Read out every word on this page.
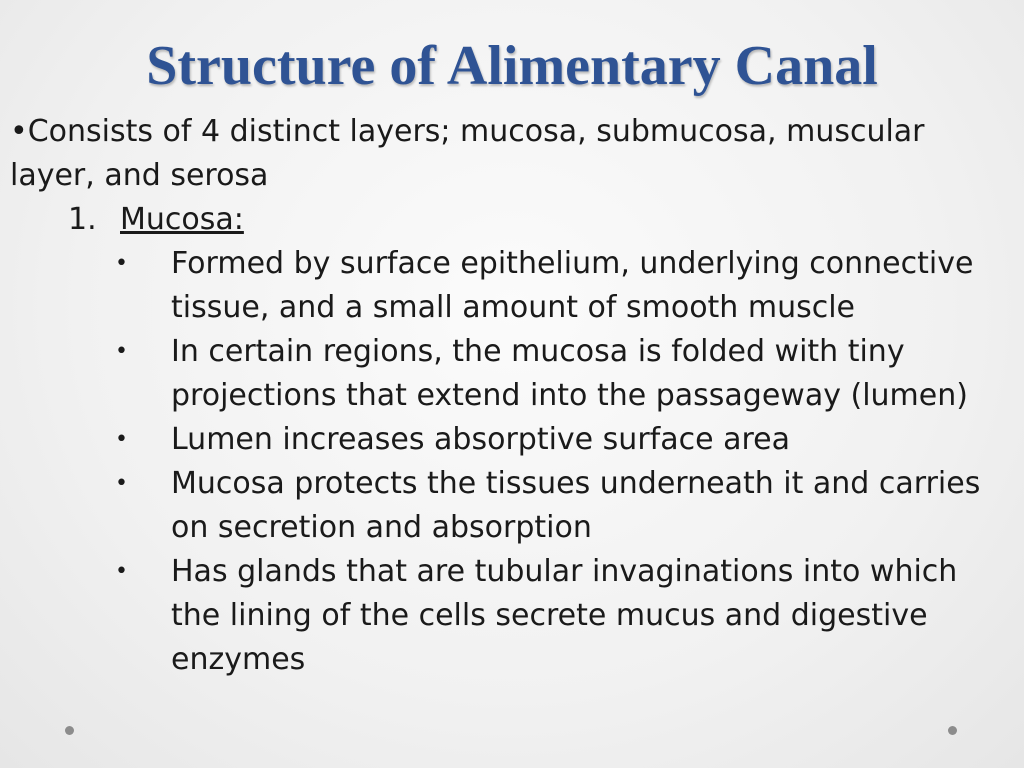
Structure of Alimentary Canal

•Consists of 4 distinct layers; mucosa, submucosa, muscular layer, and serosa

1. Mucosa:

• Formed by surface epithelium, underlying connective tissue, and a small amount of smooth muscle
• In certain regions, the mucosa is folded with tiny projections that extend into the passageway (lumen)
• Lumen increases absorptive surface area
• Mucosa protects the tissues underneath it and carries on secretion and absorption
• Has glands that are tubular invaginations into which the lining of the cells secrete mucus and digestive enzymes
